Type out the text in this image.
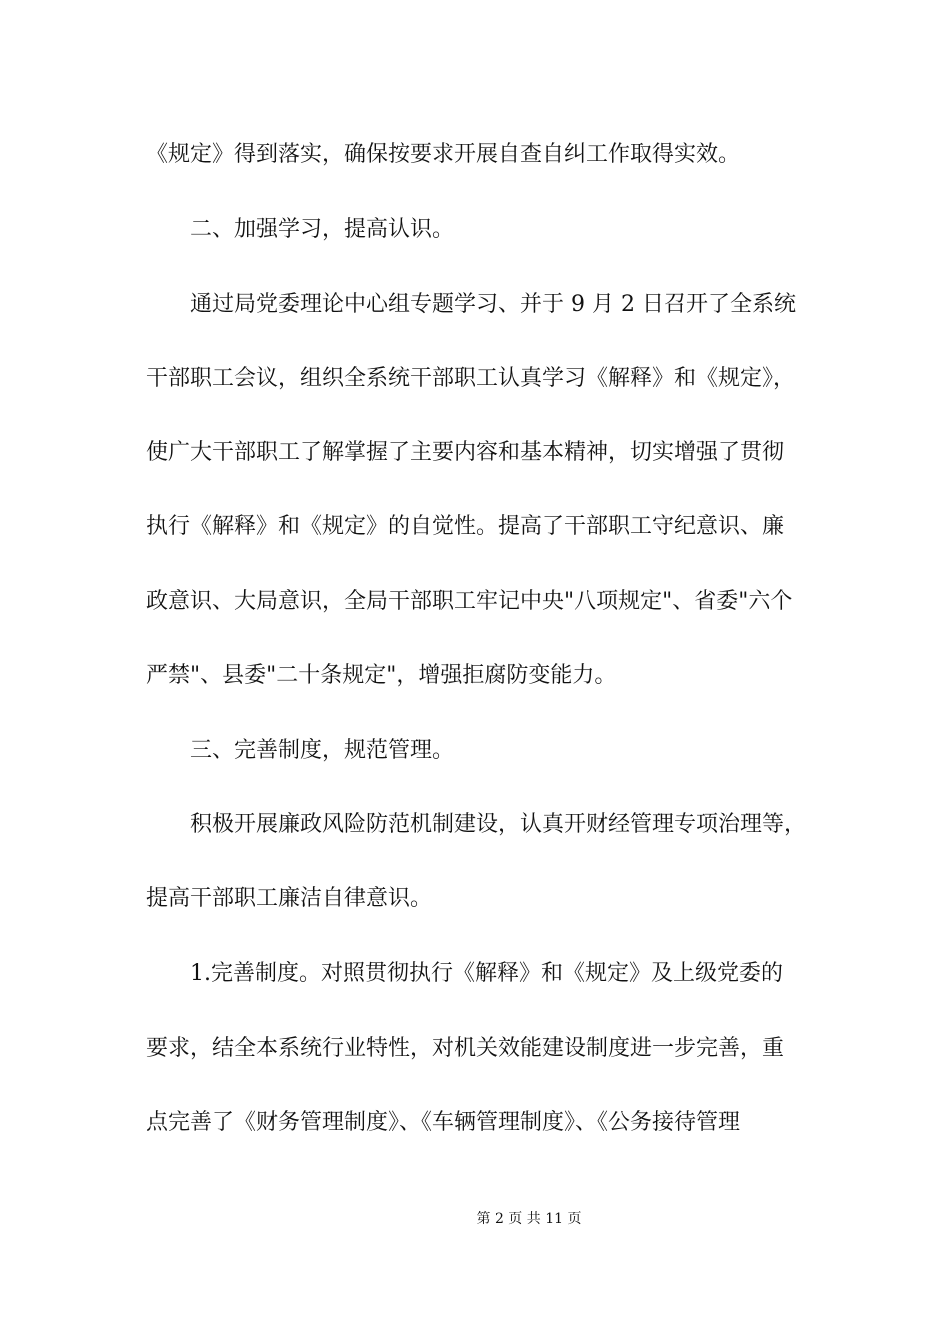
《规定》得到落实，确保按要求开展自查自纠工作取得实效。
二、加强学习，提高认识。
通过局党委理论中心组专题学习、并于 9 月 2 日召开了全系统
干部职工会议，组织全系统干部职工认真学习《解释》和《规定》，
使广大干部职工了解掌握了主要内容和基本精神，切实增强了贯彻
执行《解释》和《规定》的自觉性。提高了干部职工守纪意识、廉
政意识、大局意识，全局干部职工牢记中央"八项规定"、省委"六个
严禁"、县委"二十条规定"，增强拒腐防变能力。
三、完善制度，规范管理。
积极开展廉政风险防范机制建设，认真开财经管理专项治理等，
提高干部职工廉洁自律意识。
1.完善制度。对照贯彻执行《解释》和《规定》及上级党委的
要求，结全本系统行业特性，对机关效能建设制度进一步完善，重
点完善了《财务管理制度》、《车辆管理制度》、《公务接待管理
第 2 页 共 11 页
